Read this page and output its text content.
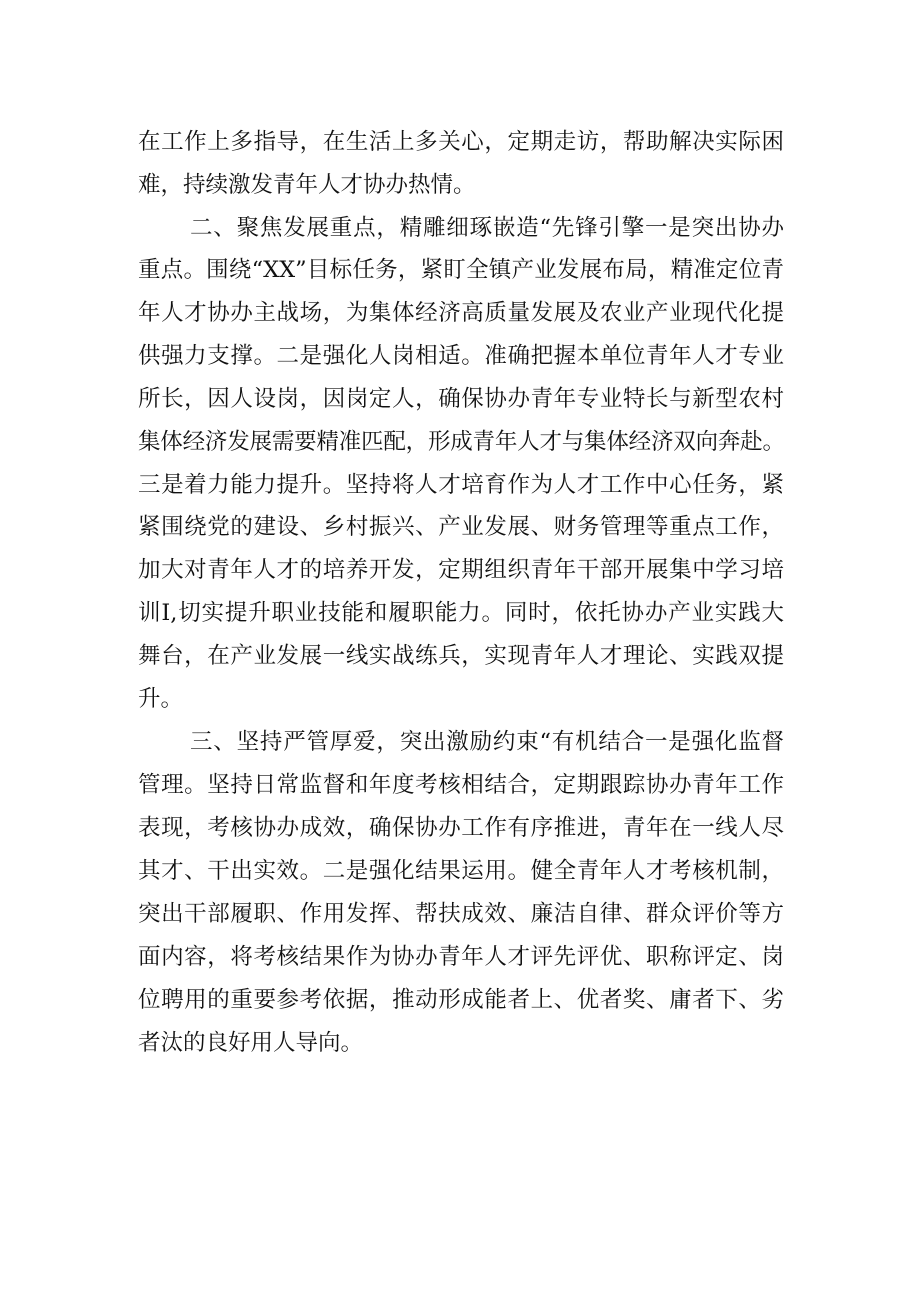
在工作上多指导，在生活上多关心，定期走访，帮助解决实际困
难，持续激发青年人才协办热情。
二、聚焦发展重点，精雕细琢嵌造“先锋引擎一是突出协办
重点。围绕“XX”目标任务，紧盯全镇产业发展布局，精准定位青
年人才协办主战场，为集体经济高质量发展及农业产业现代化提
供强力支撑。二是强化人岗相适。准确把握本单位青年人才专业
所长，因人设岗，因岗定人，确保协办青年专业特长与新型农村
集体经济发展需要精准匹配，形成青年人才与集体经济双向奔赴。
三是着力能力提升。坚持将人才培育作为人才工作中心任务，紧
紧围绕党的建设、乡村振兴、产业发展、财务管理等重点工作，
加大对青年人才的培养开发，定期组织青年干部开展集中学习培
训I,切实提升职业技能和履职能力。同时，依托协办产业实践大
舞台，在产业发展一线实战练兵，实现青年人才理论、实践双提
升。
三、坚持严管厚爱，突出激励约束“有机结合一是强化监督
管理。坚持日常监督和年度考核相结合，定期跟踪协办青年工作
表现，考核协办成效，确保协办工作有序推进，青年在一线人尽
其才、干出实效。二是强化结果运用。健全青年人才考核机制，
突出干部履职、作用发挥、帮扶成效、廉洁自律、群众评价等方
面内容，将考核结果作为协办青年人才评先评优、职称评定、岗
位聘用的重要参考依据，推动形成能者上、优者奖、庸者下、劣
者汰的良好用人导向。
